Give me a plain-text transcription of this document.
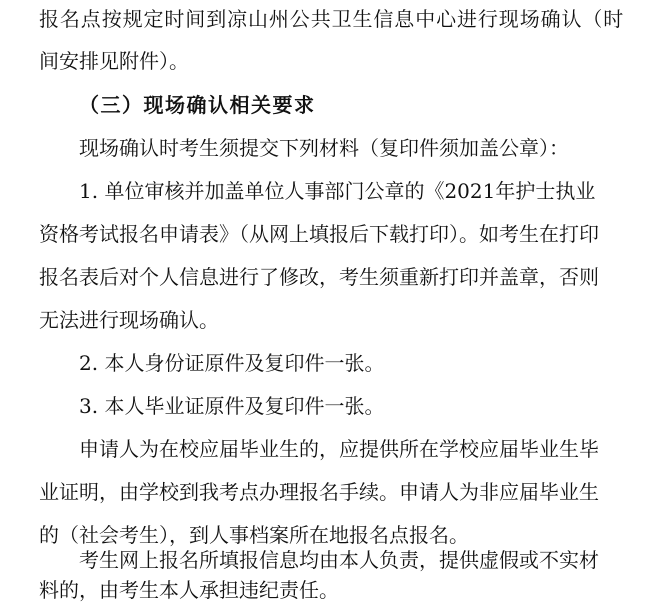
报名点按规定时间到凉山州公共卫生信息中心进行现场确认（时
间安排见附件）。
（三）现场确认相关要求
现场确认时考生须提交下列材料（复印件须加盖公章）：
1. 单位审核并加盖单位人事部门公章的《2021年护士执业
资格考试报名申请表》（从网上填报后下载打印）。如考生在打印
报名表后对个人信息进行了修改，考生须重新打印并盖章，否则
无法进行现场确认。
2. 本人身份证原件及复印件一张。
3. 本人毕业证原件及复印件一张。
申请人为在校应届毕业生的，应提供所在学校应届毕业生毕
业证明，由学校到我考点办理报名手续。申请人为非应届毕业生
的（社会考生），到人事档案所在地报名点报名。
考生网上报名所填报信息均由本人负责，提供虚假或不实材
料的，由考生本人承担违纪责任。
